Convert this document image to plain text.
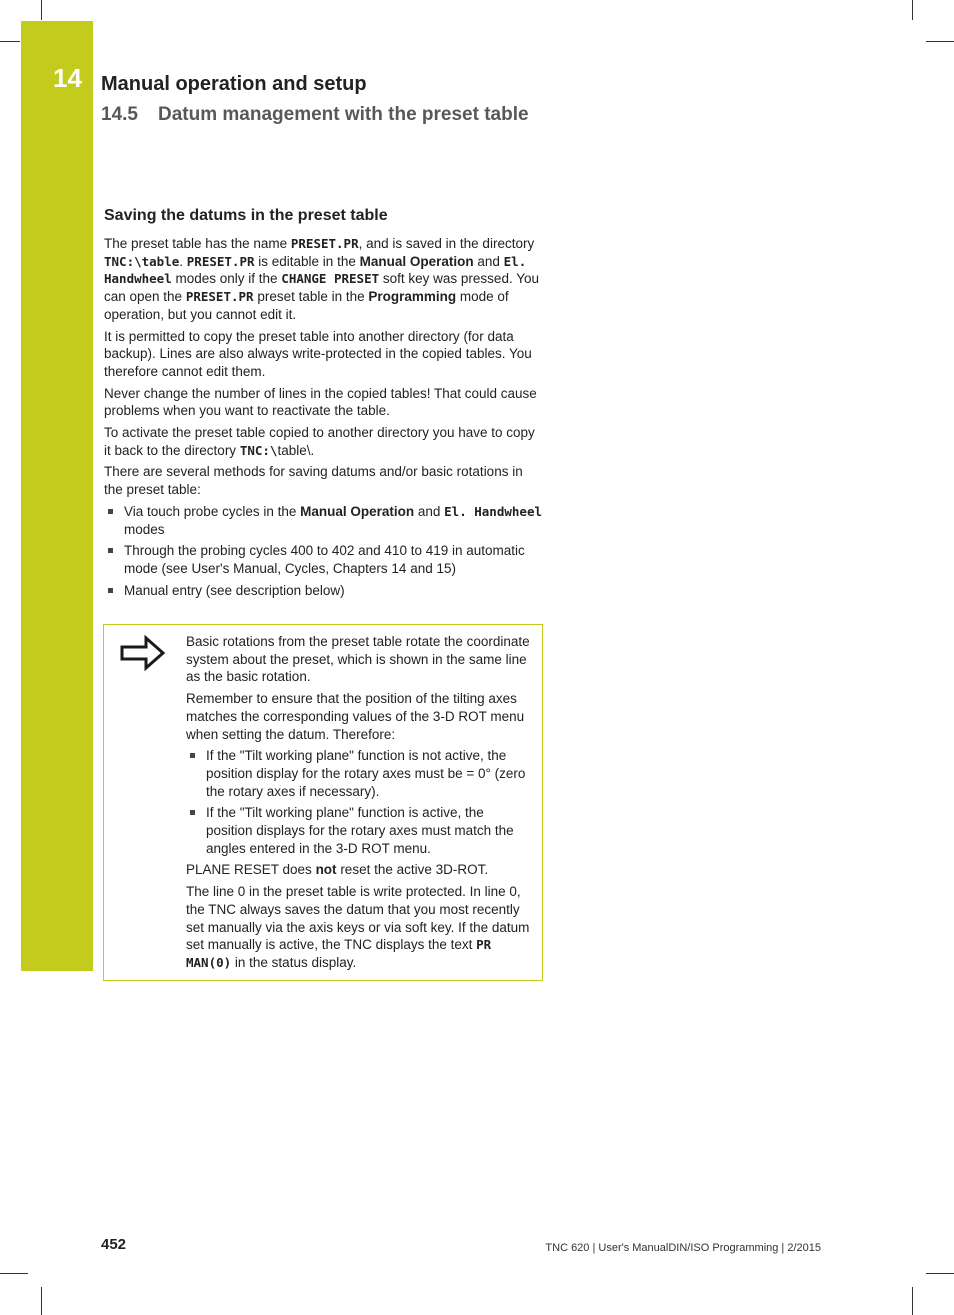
14 Manual operation and setup
14.5 Datum management with the preset table
Saving the datums in the preset table

The preset table has the name PRESET.PR, and is saved in the directory TNC:\table. PRESET.PR is editable in the Manual Operation and El. Handwheel modes only if the CHANGE PRESET soft key was pressed. You can open the PRESET.PR preset table in the Programming mode of operation, but you cannot edit it.

It is permitted to copy the preset table into another directory (for data backup). Lines are also always write-protected in the copied tables. You therefore cannot edit them.

Never change the number of lines in the copied tables! That could cause problems when you want to reactivate the table.

To activate the preset table copied to another directory you have to copy it back to the directory TNC:\table\.

There are several methods for saving datums and/or basic rotations in the preset table:

Via touch probe cycles in the Manual Operation and El. Handwheel modes
Through the probing cycles 400 to 402 and 410 to 419 in automatic mode (see User's Manual, Cycles, Chapters 14 and 15)
Manual entry (see description below)

Basic rotations from the preset table rotate the coordinate system about the preset, which is shown in the same line as the basic rotation.

Remember to ensure that the position of the tilting axes matches the corresponding values of the 3-D ROT menu when setting the datum. Therefore:

If the "Tilt working plane" function is not active, the position display for the rotary axes must be = 0° (zero the rotary axes if necessary).
If the "Tilt working plane" function is active, the position displays for the rotary axes must match the angles entered in the 3-D ROT menu.

PLANE RESET does not reset the active 3D-ROT.

The line 0 in the preset table is write protected. In line 0, the TNC always saves the datum that you most recently set manually via the axis keys or via soft key. If the datum set manually is active, the TNC displays the text PR MAN(0) in the status display.

452	TNC 620 | User's ManualDIN/ISO Programming | 2/2015
